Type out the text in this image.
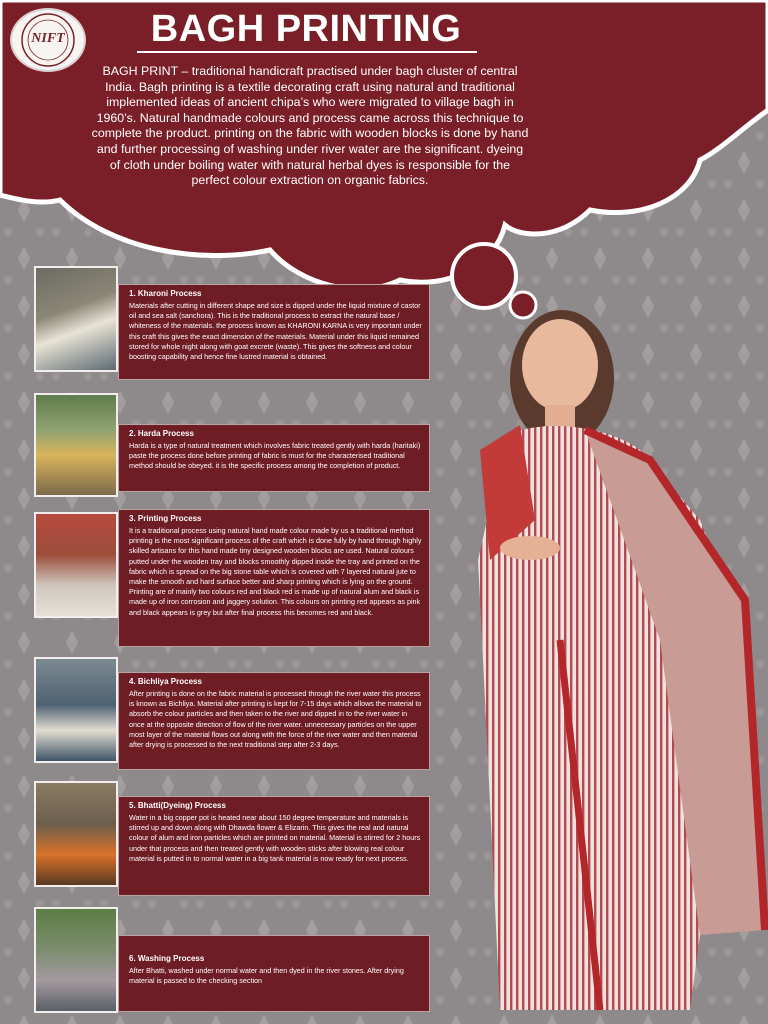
NIFT	BAGH PRINTING
BAGH PRINT – traditional handicraft practised under bagh cluster of central India. Bagh printing is a textile decorating craft using natural and traditional implemented ideas of ancient chipa’s who were migrated to village bagh in 1960’s. Natural handmade colours and process came across this technique to complete the product. printing on the fabric with wooden blocks is done by hand and further processing of washing under river water are the significant. dyeing of cloth under boiling water with natural herbal dyes is responsible for the perfect colour extraction on organic fabrics.

1. Kharoni Process

Materials after cutting in different shape and size is dipped under the liquid mixture of castor oil and sea salt (sanchora). This is the traditional process to extract the natural base / whiteness of the materials. the process known as KHARONI KARNA is very important under this craft this gives the exact dimension of the materials. Material under this liquid remained stored for whole night along with goat excrete (waste). This gives the softness and colour boosting capability and hence fine lustred material is obtained.

2. Harda Process

Harda is a type of natural treatment which involves fabric treated gently with harda (haritaki) paste the process done before printing of fabric is must for the characterised traditional method should be obeyed. it is the specific process among the completion of product.

3. Printing Process

It is a traditional process using natural hand made colour made by us a traditional method printing is the most significant process of the craft which is done fully by hand through highly skilled artisans for this hand made tiny designed wooden blocks are used. Natural colours putted under the wooden tray and blocks smoothly dipped inside the tray and printed on the fabric which is spread on the big stone table which is covered with 7 layered natural jute to make the smooth and hard surface better and sharp printing which is lying on the ground. Printing are of mainly two colours red and black red is made up of natural alum and black is made up of iron corrosion and jaggery solution. This colours on printing red appears as pink and black appears is grey but after final process this becomes red and black.

4. Bichliya Process

After printing is done on the fabric material is processed through the river water this process is known as Bichliya. Material after printing is kept for 7-15 days which allows the material to absorb the colour particles and then taken to the river and dipped in to the river water in once at the opposite direction of flow of the river water. unnecessary particles on the upper most layer of the material flows out along with the force of the river water and then material after drying is processed to the next traditional step after 2-3 days.

5. Bhatti(Dyeing) Process

Water in a big copper pot is heated near about 150 degree temperature and materials is stirred up and down along with Dhawda flower & Elizarin. This gives the real and natural colour of alum and iron particles which are printed on material. Material is stirred for 2 hours under that process and then treated gently with wooden sticks after blowing real colour material is putted in to normal water in a big tank material is now ready for next process.

6. Washing Process

After Bhatti, washed under normal water and then dyed in the river stones. After drying material is passed to the checking section
